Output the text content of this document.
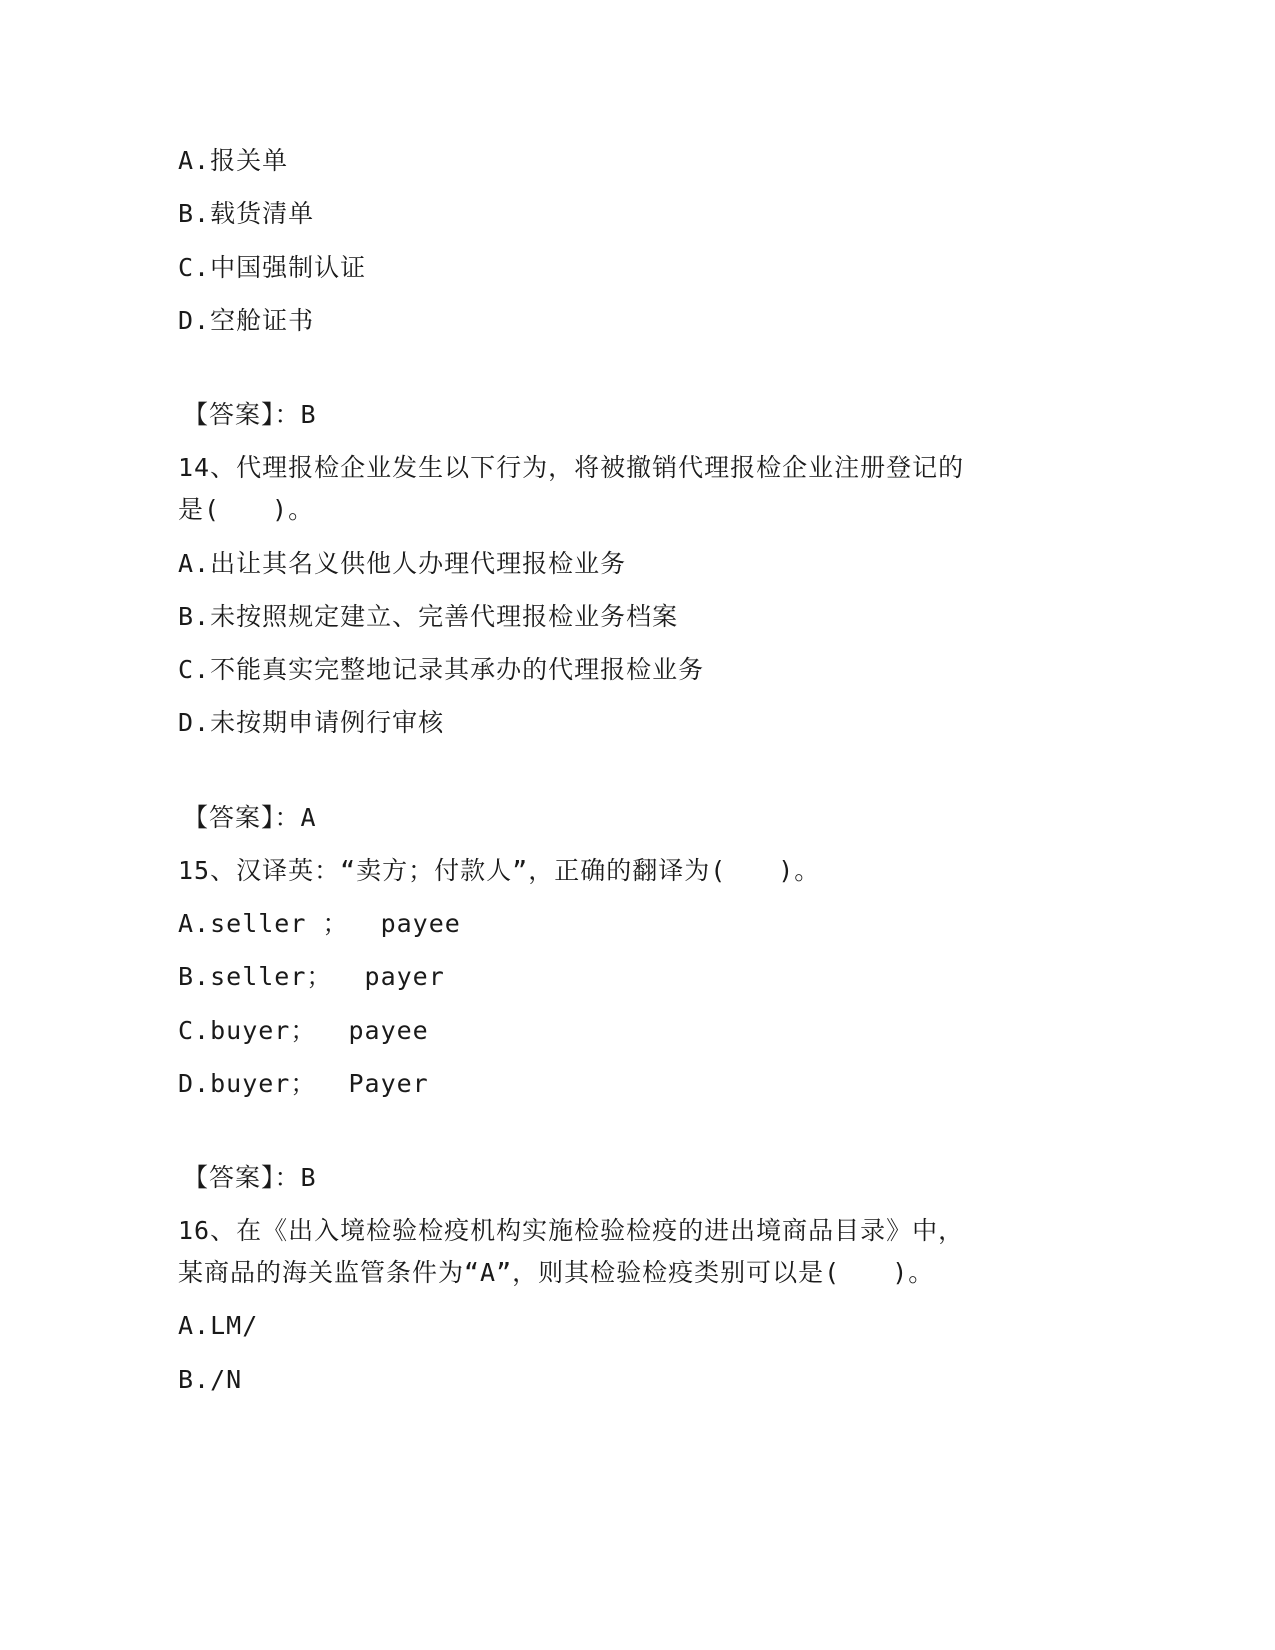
A.报关单
B.载货清单
C.中国强制认证
D.空舱证书
【答案】：B
14、代理报检企业发生以下行为，将被撤销代理报检企业注册登记的
是(　　)。
A.出让其名义供他人办理代理报检业务
B.未按照规定建立、完善代理报检业务档案
C.不能真实完整地记录其承办的代理报检业务
D.未按期申请例行审核
【答案】：A
15、汉译英：“卖方；付款人”，正确的翻译为(　　)。
A.seller ；  payee
B.seller；  payer
C.buyer；  payee
D.buyer；  Payer
【答案】：B
16、在《出入境检验检疫机构实施检验检疫的进出境商品目录》中，
某商品的海关监管条件为“A”，则其检验检疫类别可以是(　　)。
A.LM/
B./N
